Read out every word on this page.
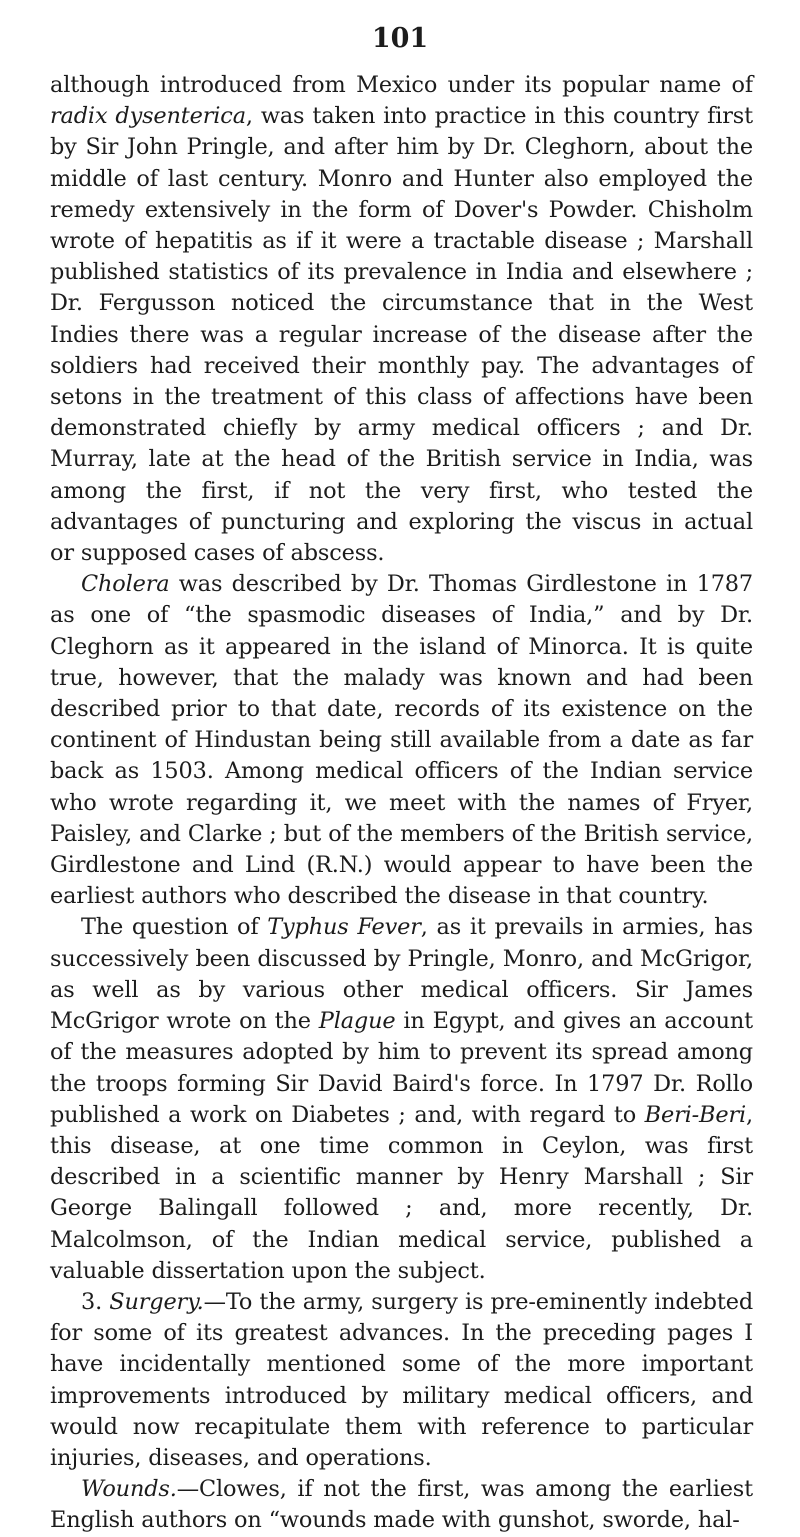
101

although introduced from Mexico under its popular name of radix dysenterica, was taken into practice in this country first by Sir John Pringle, and after him by Dr. Cleghorn, about the middle of last century. Monro and Hunter also employed the remedy extensively in the form of Dover's Powder. Chisholm wrote of hepatitis as if it were a tractable disease ; Marshall published statistics of its prevalence in India and elsewhere ; Dr. Fergusson noticed the circumstance that in the West Indies there was a regular increase of the disease after the soldiers had received their monthly pay. The advantages of setons in the treatment of this class of affections have been demonstrated chiefly by army medical officers ; and Dr. Murray, late at the head of the British service in India, was among the first, if not the very first, who tested the advantages of puncturing and exploring the viscus in actual or supposed cases of abscess.

Cholera was described by Dr. Thomas Girdlestone in 1787 as one of “the spasmodic diseases of India,” and by Dr. Cleghorn as it appeared in the island of Minorca. It is quite true, however, that the malady was known and had been described prior to that date, records of its existence on the continent of Hindustan being still available from a date as far back as 1503. Among medical officers of the Indian service who wrote regarding it, we meet with the names of Fryer, Paisley, and Clarke ; but of the members of the British service, Girdlestone and Lind (R.N.) would appear to have been the earliest authors who described the disease in that country.

The question of Typhus Fever, as it prevails in armies, has successively been discussed by Pringle, Monro, and McGrigor, as well as by various other medical officers. Sir James McGrigor wrote on the Plague in Egypt, and gives an account of the measures adopted by him to prevent its spread among the troops forming Sir David Baird's force. In 1797 Dr. Rollo published a work on Diabetes ; and, with regard to Beri-Beri, this disease, at one time common in Ceylon, was first described in a scientific manner by Henry Marshall ; Sir George Balingall followed ; and, more recently, Dr. Malcolmson, of the Indian medical service, published a valuable dissertation upon the subject.

3. Surgery.—To the army, surgery is pre-eminently indebted for some of its greatest advances. In the preceding pages I have incidentally mentioned some of the more important improvements introduced by military medical officers, and would now recapitulate them with reference to particular injuries, diseases, and operations.

Wounds.—Clowes, if not the first, was among the earliest English authors on “wounds made with gunshot, sworde, hal-
